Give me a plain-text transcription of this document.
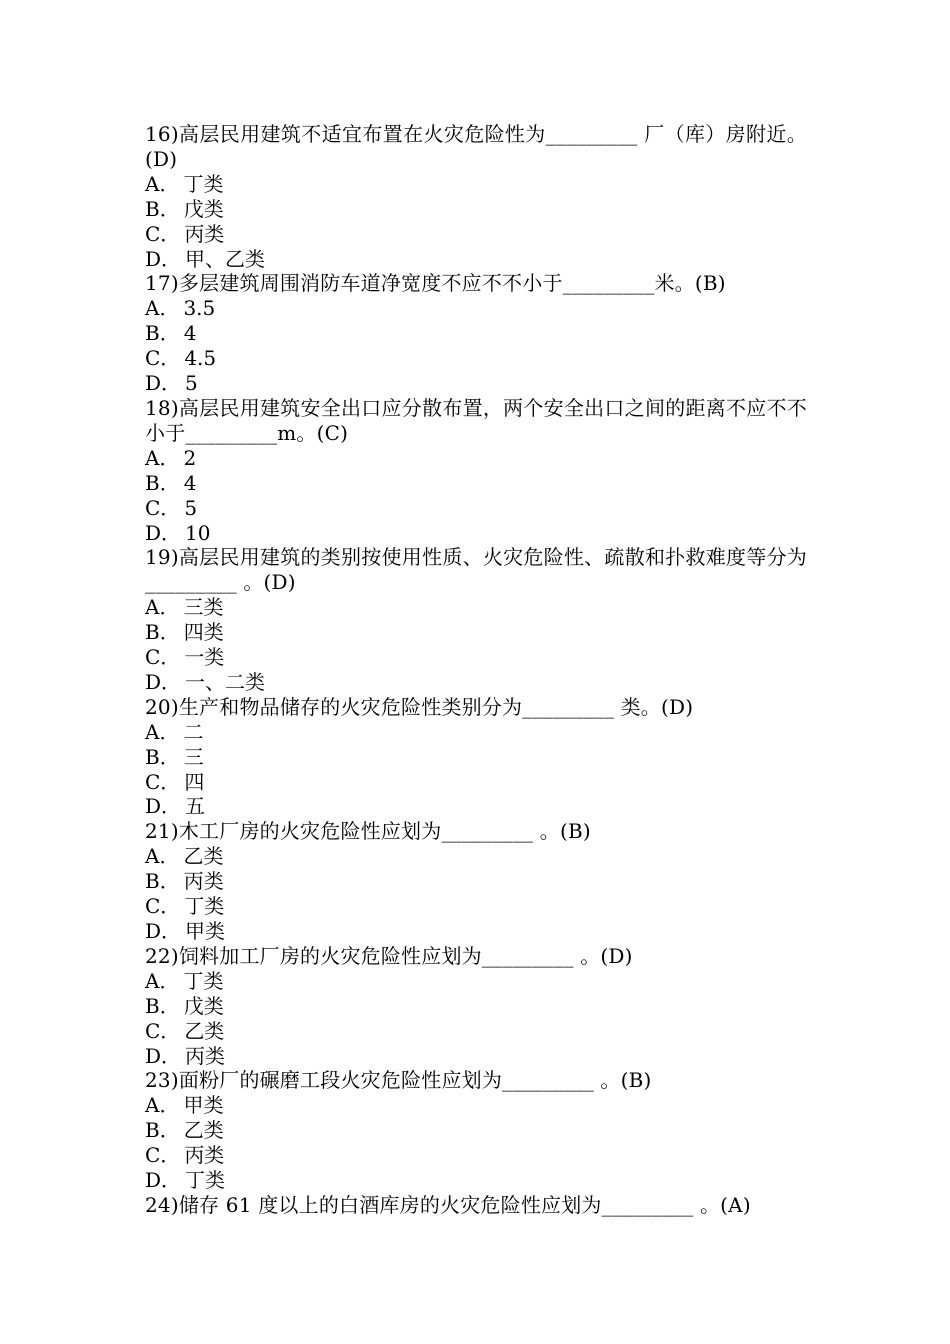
16)高层民用建筑不适宜布置在火灾危险性为_________ 厂（库）房附近。(D)

A． 丁类

B． 戊类

C． 丙类

D． 甲、乙类

17)多层建筑周围消防车道净宽度不应不不小于_________米。(B)

A． 3.5

B． 4

C． 4.5

D． 5

18)高层民用建筑安全出口应分散布置，两个安全出口之间的距离不应不不小于_________m。(C)

A． 2

B． 4

C． 5

D． 10

19)高层民用建筑的类别按使用性质、火灾危险性、疏散和扑救难度等分为_________ 。(D)

A． 三类

B． 四类

C． 一类

D． 一、二类

20)生产和物品储存的火灾危险性类别分为_________ 类。(D)

A． 二

B． 三

C． 四

D． 五

21)木工厂房的火灾危险性应划为_________ 。(B)

A． 乙类

B． 丙类

C． 丁类

D． 甲类

22)饲料加工厂房的火灾危险性应划为_________ 。(D)

A． 丁类

B． 戊类

C． 乙类

D． 丙类

23)面粉厂的碾磨工段火灾危险性应划为_________ 。(B)

A． 甲类

B． 乙类

C． 丙类

D． 丁类

24)储存 61 度以上的白酒库房的火灾危险性应划为_________ 。(A)
